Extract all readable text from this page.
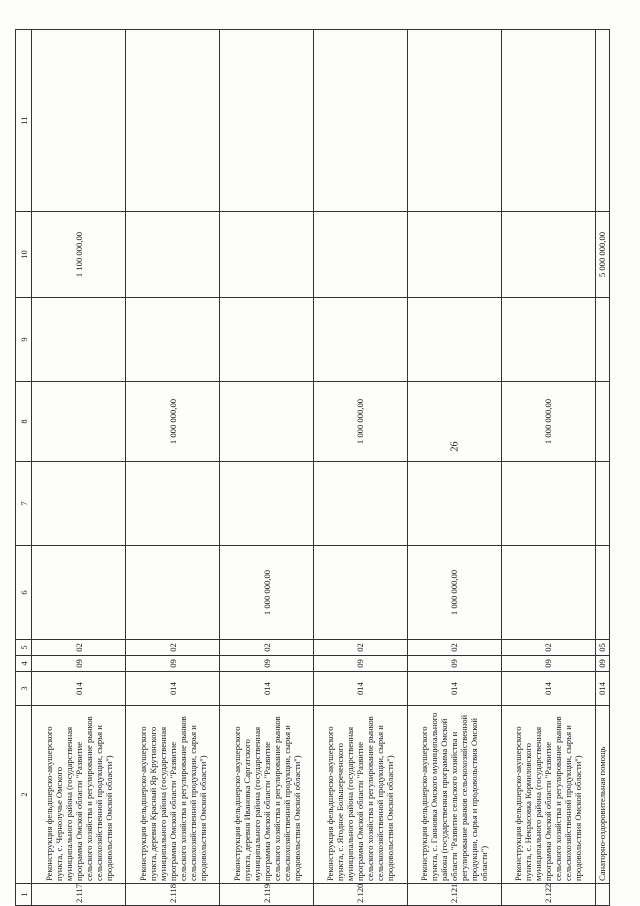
26
1	2	3	4	5	6	7	8	9	10	11
2.117	Реконструкция фельдшерско-акушерского пункта, с. Чернолучье Омского муниципального района (государственная программа Омской области "Развитие сельского хозяйства и регулирование рынков сельскохозяйственной продукции, сырья и продовольствия Омской области")	014	09	02					1 100 000,00	
2.118	Реконструкция фельдшерско-акушерского пункта, деревня Красный Яр Крутинского муниципального района (государственная программа Омской области "Развитие сельского хозяйства и регулирование рынков сельскохозяйственной продукции, сырья и продовольствия Омской области")	014	09	02			1 000 000,00			
2.119	Реконструкция фельдшерско-акушерского пункта, деревня Ивановка Саргатского муниципального района (государственная программа Омской области "Развитие сельского хозяйства и регулирование рынков сельскохозяйственной продукции, сырья и продовольствия Омской области")	014	09	02	1 000 000,00					
2.120	Реконструкция фельдшерско-акушерского пункта, с. Ягодное Большереченского муниципального района (государственная программа Омской области "Развитие сельского хозяйства и регулирование рынков сельскохозяйственной продукции, сырья и продовольствия Омской области")	014	09	02			1 000 000,00			
2.121	Реконструкция фельдшерско-акушерского пункта, с. Ганновка Омского муниципального района (государственная программа Омской области "Развитие сельского хозяйства и регулирование рынков сельскохозяйственной продукции, сырья и продовольствия Омской области")	014	09	02	1 000 000,00					
2.122	Реконструкция фельдшерско-акушерского пункта, с. Некрасовка Кормиловского муниципального района (государственная программа Омской области "Развитие сельского хозяйства и регулирование рынков сельскохозяйственной продукции, сырья и продовольствия Омской области")	014	09	02			1 000 000,00			
	Санаторно-оздоровительная помощь	014	09	05					5 000 000,00	
